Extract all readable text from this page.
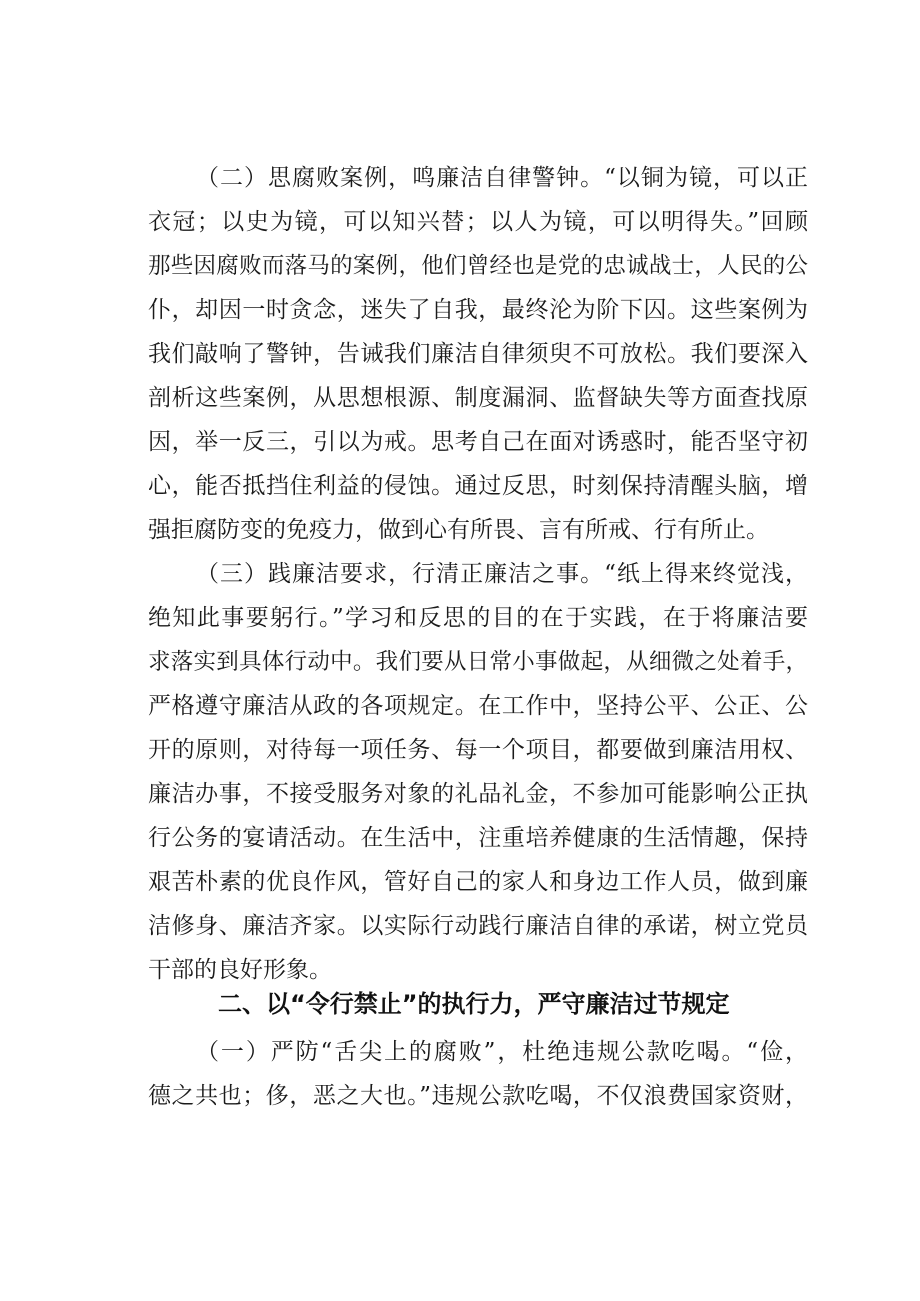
（二）思腐败案例，鸣廉洁自律警钟。“以铜为镜，可以正
衣冠；以史为镜，可以知兴替；以人为镜，可以明得失。”回顾
那些因腐败而落马的案例，他们曾经也是党的忠诚战士，人民的公
仆，却因一时贪念，迷失了自我，最终沦为阶下囚。这些案例为
我们敲响了警钟，告诫我们廉洁自律须臾不可放松。我们要深入
剖析这些案例，从思想根源、制度漏洞、监督缺失等方面查找原
因，举一反三，引以为戒。思考自己在面对诱惑时，能否坚守初
心，能否抵挡住利益的侵蚀。通过反思，时刻保持清醒头脑，增
强拒腐防变的免疫力，做到心有所畏、言有所戒、行有所止。
（三）践廉洁要求，行清正廉洁之事。“纸上得来终觉浅，
绝知此事要躬行。”学习和反思的目的在于实践，在于将廉洁要
求落实到具体行动中。我们要从日常小事做起，从细微之处着手，
严格遵守廉洁从政的各项规定。在工作中，坚持公平、公正、公
开的原则，对待每一项任务、每一个项目，都要做到廉洁用权、
廉洁办事，不接受服务对象的礼品礼金，不参加可能影响公正执
行公务的宴请活动。在生活中，注重培养健康的生活情趣，保持
艰苦朴素的优良作风，管好自己的家人和身边工作人员，做到廉
洁修身、廉洁齐家。以实际行动践行廉洁自律的承诺，树立党员
干部的良好形象。
二、以“令行禁止”的执行力，严守廉洁过节规定
（一）严防“舌尖上的腐败”，杜绝违规公款吃喝。“俭，
德之共也；侈，恶之大也。”违规公款吃喝，不仅浪费国家资财，
